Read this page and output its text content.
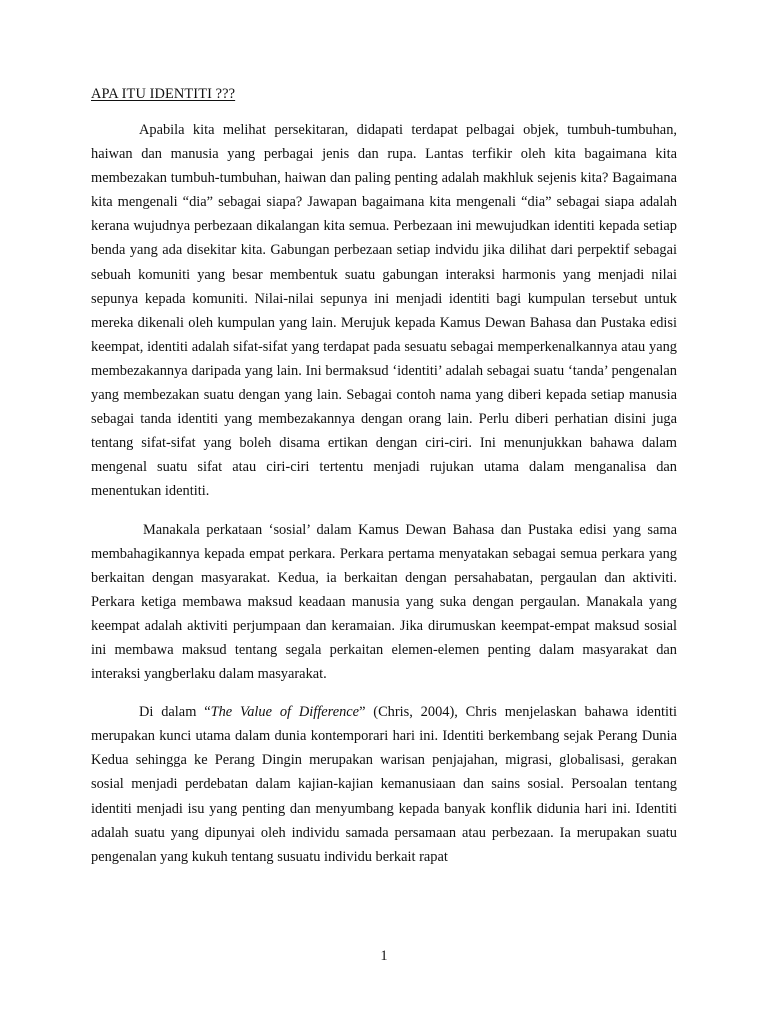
APA ITU IDENTITI ???

Apabila kita melihat persekitaran, didapati terdapat pelbagai objek, tumbuh-tumbuhan, haiwan dan manusia yang perbagai jenis dan rupa. Lantas terfikir oleh kita bagaimana kita membezakan tumbuh-tumbuhan, haiwan dan paling penting adalah makhluk sejenis kita? Bagaimana kita mengenali “dia” sebagai siapa? Jawapan bagaimana kita mengenali “dia” sebagai siapa adalah kerana wujudnya perbezaan dikalangan kita semua. Perbezaan ini mewujudkan identiti kepada setiap benda yang ada disekitar kita. Gabungan perbezaan setiap indvidu jika dilihat dari perpektif sebagai sebuah komuniti yang besar membentuk suatu gabungan interaksi harmonis yang menjadi nilai sepunya kepada komuniti. Nilai-nilai sepunya ini menjadi identiti bagi kumpulan tersebut untuk mereka dikenali oleh kumpulan yang lain. Merujuk kepada Kamus Dewan Bahasa dan Pustaka edisi keempat, identiti adalah sifat-sifat yang terdapat pada sesuatu sebagai memperkenalkannya atau yang membezakannya daripada yang lain. Ini bermaksud ‘identiti’ adalah sebagai suatu ‘tanda’ pengenalan yang membezakan suatu dengan yang lain. Sebagai contoh nama yang diberi kepada setiap manusia sebagai tanda identiti yang membezakannya dengan orang lain. Perlu diberi perhatian disini juga tentang sifat-sifat yang boleh disama ertikan dengan ciri-ciri. Ini menunjukkan bahawa dalam mengenal suatu sifat atau ciri-ciri tertentu menjadi rujukan utama dalam menganalisa dan menentukan identiti.

Manakala perkataan ‘sosial’ dalam Kamus Dewan Bahasa dan Pustaka edisi yang sama membahagikannya kepada empat perkara. Perkara pertama menyatakan sebagai semua perkara yang berkaitan dengan masyarakat. Kedua, ia berkaitan dengan persahabatan, pergaulan dan aktiviti. Perkara ketiga membawa maksud keadaan manusia yang suka dengan pergaulan. Manakala yang keempat adalah aktiviti perjumpaan dan keramaian. Jika dirumuskan keempat-empat maksud sosial ini membawa maksud tentang segala perkaitan elemen-elemen penting dalam masyarakat dan interaksi yangberlaku dalam masyarakat.

Di dalam “The Value of Difference” (Chris, 2004), Chris menjelaskan bahawa identiti merupakan kunci utama dalam dunia kontemporari hari ini. Identiti berkembang sejak Perang Dunia Kedua sehingga ke Perang Dingin merupakan warisan penjajahan, migrasi, globalisasi, gerakan sosial menjadi perdebatan dalam kajian-kajian kemanusiaan dan sains sosial. Persoalan tentang identiti menjadi isu yang penting dan menyumbang kepada banyak konflik didunia hari ini. Identiti adalah suatu yang dipunyai oleh individu samada persamaan atau perbezaan. Ia merupakan suatu pengenalan yang kukuh tentang susuatu individu berkait rapat

1
